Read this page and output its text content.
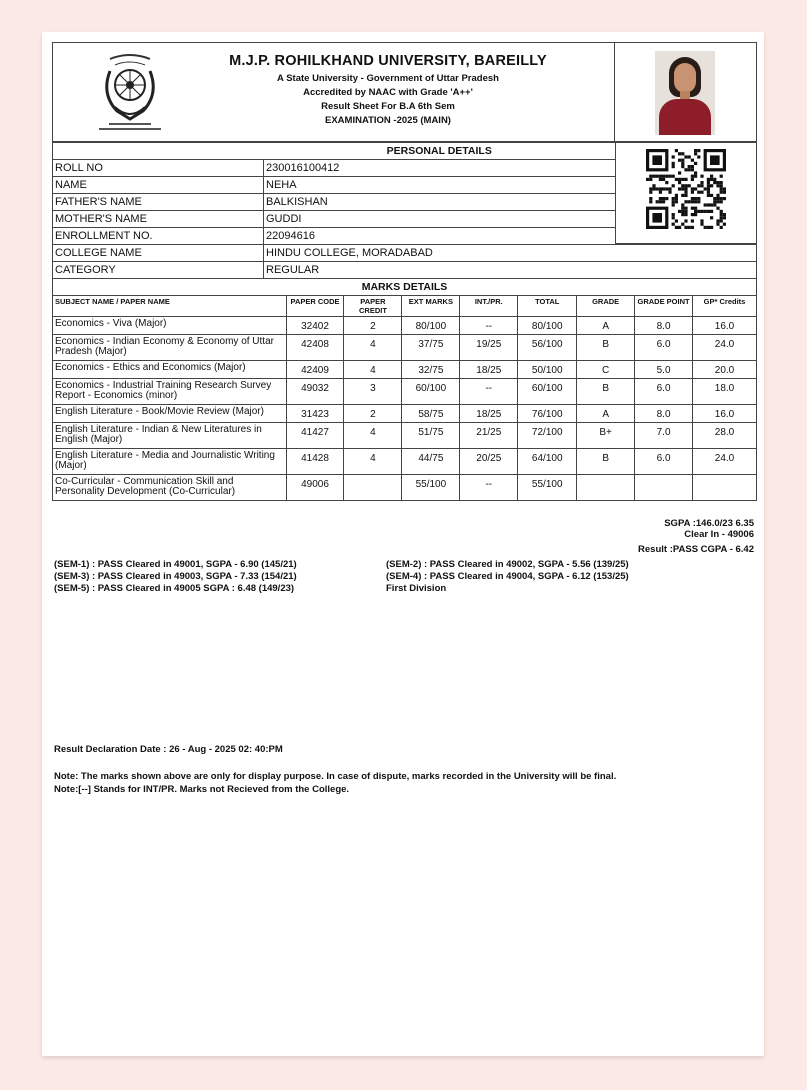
M.J.P. ROHILKHAND UNIVERSITY, BAREILLY
A State University - Government of Uttar Pradesh
Accredited by NAAC with Grade 'A++'
Result Sheet For B.A 6th Sem
EXAMINATION -2025 (MAIN)
	PERSONAL DETAILS
ROLL NO	230016100412
NAME	NEHA
FATHER'S NAME	BALKISHAN
MOTHER'S NAME	GUDDI
ENROLLMENT NO.	22094616
COLLEGE NAME	HINDU COLLEGE, MORADABAD
CATEGORY	REGULAR
MARKS DETAILS
SUBJECT NAME / PAPER NAME	PAPER CODE	PAPER CREDIT	EXT MARKS	INT./PR.	TOTAL	GRADE	GRADE POINT	GP* Credits
Economics - Viva (Major)	32402	2	80/100	--	80/100	A	8.0	16.0
Economics - Indian Economy & Economy of Uttar Pradesh (Major)	42408	4	37/75	19/25	56/100	B	6.0	24.0
Economics - Ethics and Economics (Major)	42409	4	32/75	18/25	50/100	C	5.0	20.0
Economics - Industrial Training Research Survey Report - Economics (minor)	49032	3	60/100	--	60/100	B	6.0	18.0
English Literature - Book/Movie Review (Major)	31423	2	58/75	18/25	76/100	A	8.0	16.0
English Literature - Indian & New Literatures in English (Major)	41427	4	51/75	21/25	72/100	B+	7.0	28.0
English Literature - Media and Journalistic Writing (Major)	41428	4	44/75	20/25	64/100	B	6.0	24.0
Co-Curricular - Communication Skill and Personality Development (Co-Curricular)	49006		55/100	--	55/100			
SGPA :146.0/23 6.35
Clear In - 49006
Result :PASS CGPA - 6.42
(SEM-1) : PASS Cleared in 49001, SGPA - 6.90 (145/21)	(SEM-2) : PASS Cleared in 49002, SGPA - 5.56 (139/25)
(SEM-3) : PASS Cleared in 49003, SGPA - 7.33 (154/21)	(SEM-4) : PASS Cleared in 49004, SGPA - 6.12 (153/25)
(SEM-5) : PASS Cleared in 49005 SGPA : 6.48 (149/23)	First Division
Result Declaration Date : 26 - Aug - 2025 02: 40:PM
Note: The marks shown above are only for display purpose. In case of dispute, marks recorded in the University will be final.
Note:[--] Stands for INT/PR. Marks not Recieved from the College.
